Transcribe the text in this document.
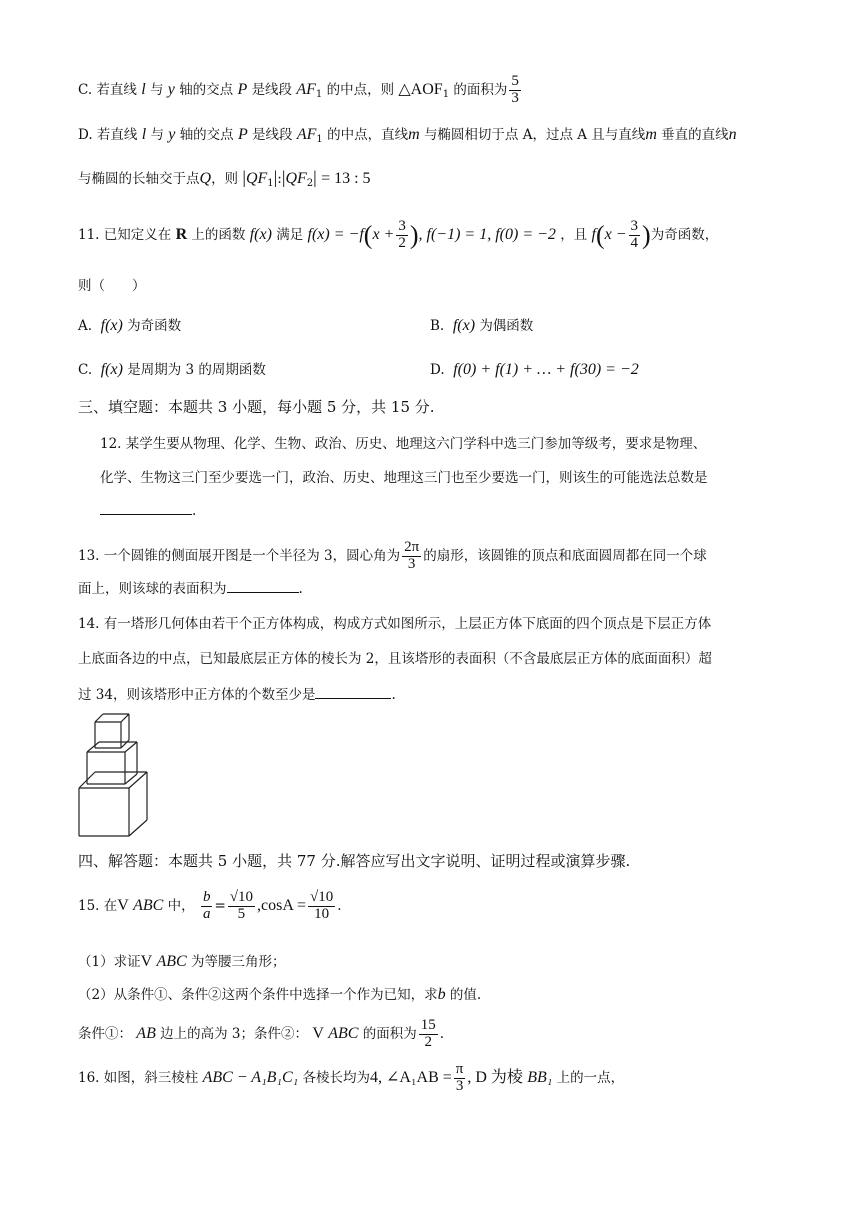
C. 若直线 l 与 y 轴的交点 P 是线段 $AF_1$ 的中点，则 $\triangle AOF_1$ 的面积为 $\frac{5}{3}$
D. 若直线 l 与 y 轴的交点 P 是线段 $AF_1$ 的中点，直线m 与椭圆相切于点 A，过点 A 且与直线m 垂直的直线n
与椭圆的长轴交于点Q，则 $|QF_1|:|QF_2| = 13$ : 5
11. 已知定义在 R 上的函数 f(x) 满足 $f(x) = -f(x + \frac{3}{2}$ ), f(−1) = 1, f(0) = −2 ，且 $f(x - \frac{3}{4}$ )为奇函数，
则（　　）
A. f(x) 为奇函数	B. f(x) 为偶函数
C. f(x) 是周期为 3 的周期函数	D. f(0) + f(1) + … + f(30) = −2
三、填空题：本题共 3 小题，每小题 5 分，共 15 分.
12. 某学生要从物理、化学、生物、政治、历史、地理这六门学科中选三门参加等级考，要求是物理、
化学、生物这三门至少要选一门，政治、历史、地理这三门也至少要选一门，则该生的可能选法总数是
.
13. 一个圆锥的侧面展开图是一个半径为 3，圆心角为 $\frac{2\pi}{3}$ 的扇形，该圆锥的顶点和底面圆周都在同一个球
面上，则该球的表面积为	.
14. 有一塔形几何体由若干个正方体构成，构成方式如图所示，上层正方体下底面的四个顶点是下层正方体
上底面各边的中点，已知最底层正方体的棱长为 2，且该塔形的表面积（不含最底层正方体的底面面积）超
过 34，则该塔形中正方体的个数至少是	.
四、解答题：本题共 5 小题，共 77 分.解答应写出文字说明、证明过程或演算步骤.
15. 在V ABC 中， $\frac{b}{a} = \frac{√10}{5} ,\cos A = \frac{√10}{10}$ .
（1）求证V ABC 为等腰三角形；
（2）从条件①、条件②这两个条件中选择一个作为已知，求b 的值.
条件①： AB 边上的高为 3；条件②： V ABC 的面积为 $\frac{15}{2}$ .
16. 如图，斜三棱柱 ABC − A₁B₁C₁ 各棱长均为4, ∠A₁AB = $\frac{\pi}{3}$ , D 为棱 BB₁ 上的一点，
